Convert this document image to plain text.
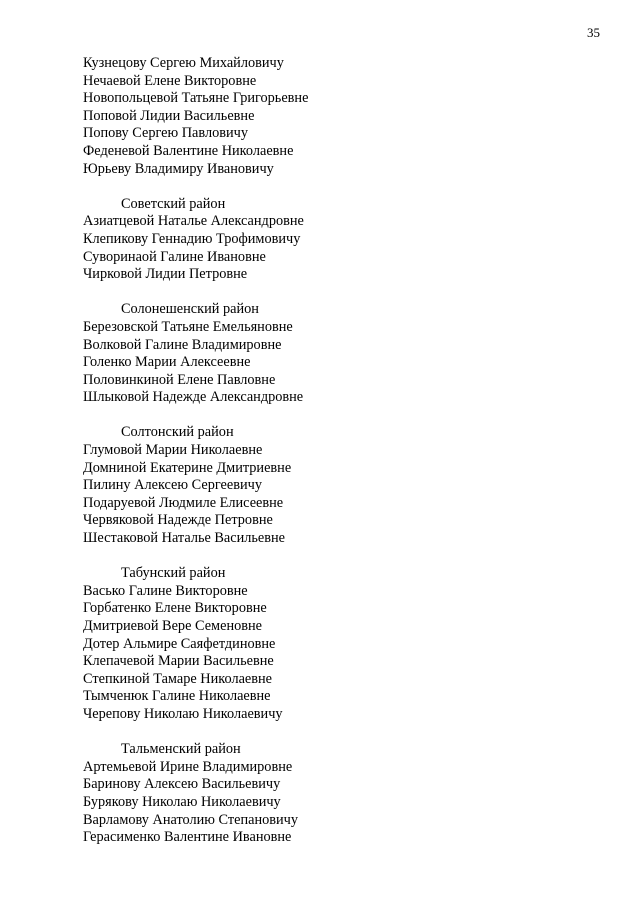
35

Кузнецову Сергею Михайловичу

Нечаевой Елене Викторовне

Новопольцевой Татьяне Григорьевне

Поповой Лидии Васильевне

Попову Сергею Павловичу

Феденевой Валентине Николаевне

Юрьеву Владимиру Ивановичу

Советский район

Азиатцевой Наталье Александровне

Клепикову Геннадию Трофимовичу

Суворинаой Галине Ивановне

Чирковой Лидии Петровне

Солонешенский район

Березовской Татьяне Емельяновне

Волковой Галине Владимировне

Голенко Марии Алексеевне

Половинкиной Елене Павловне

Шлыковой Надежде Александровне

Солтонский район

Глумовой Марии Николаевне

Домниной Екатерине Дмитриевне

Пилину Алексею Сергеевичу

Подаруевой Людмиле Елисеевне

Червяковой Надежде Петровне

Шестаковой Наталье Васильевне

Табунский район

Васько Галине Викторовне

Горбатенко Елене Викторовне

Дмитриевой Вере Семеновне

Дотер Альмире Саяфетдиновне

Клепачевой Марии Васильевне

Степкиной Тамаре Николаевне

Тымченюк Галине Николаевне

Черепову Николаю Николаевичу

Тальменский район

Артемьевой Ирине Владимировне

Баринову Алексею Васильевичу

Бурякову Николаю Николаевичу

Варламову Анатолию Степановичу

Герасименко Валентине Ивановне
